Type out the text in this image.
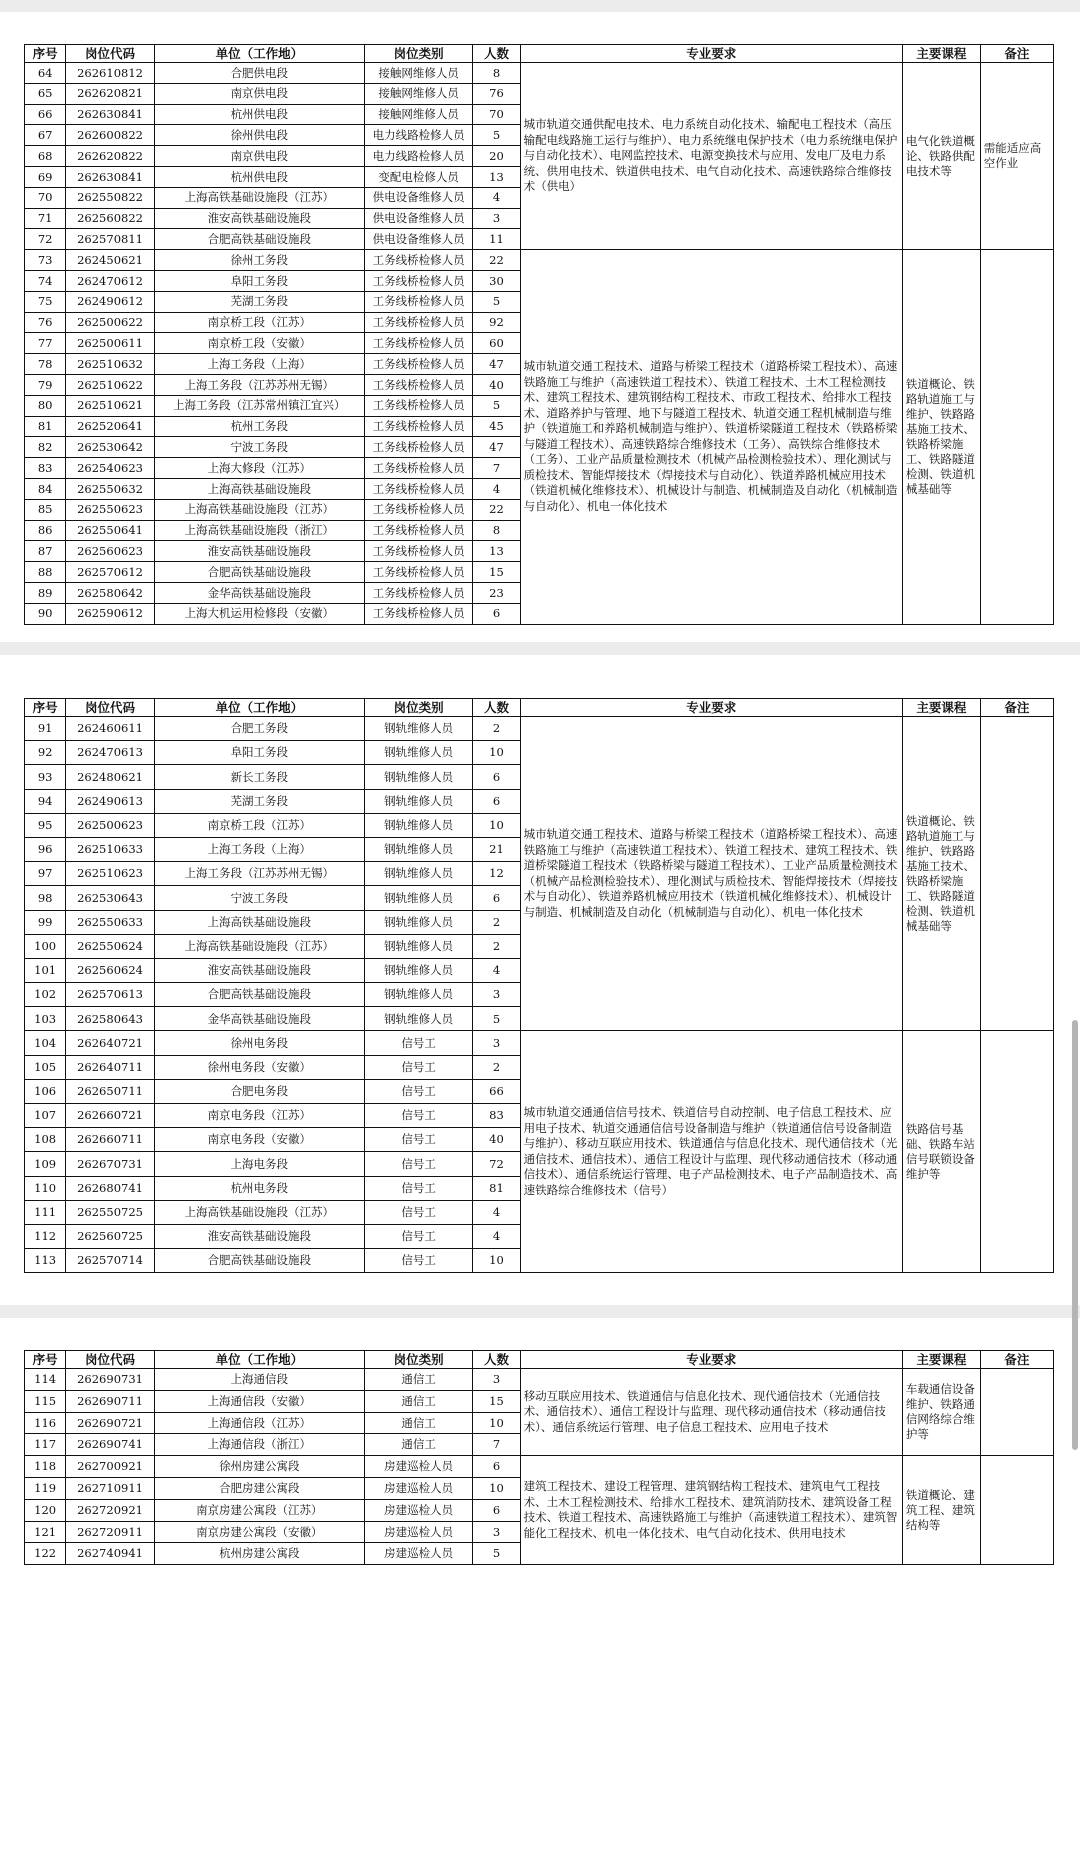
序号	岗位代码	单位（工作地）	岗位类别	人数	专业要求	主要课程	备注
64	262610812	合肥供电段	接触网维修人员	8	城市轨道交通供配电技术、电力系统自动化技术、输配电工程技术（高压输配电线路施工运行与维护）、电力系统继电保护技术（电力系统继电保护与自动化技术）、电网监控技术、电源变换技术与应用、发电厂及电力系统、供用电技术、铁道供电技术、电气自动化技术、高速铁路综合维修技术（供电）	电气化铁道概论、铁路供配电技术等	需能适应高空作业
65	262620821	南京供电段	接触网维修人员	76			
66	262630841	杭州供电段	接触网维修人员	70			
67	262600822	徐州供电段	电力线路检修人员	5			
68	262620822	南京供电段	电力线路检修人员	20			
69	262630841	杭州供电段	变配电检修人员	13			
70	262550822	上海高铁基础设施段（江苏）	供电设备维修人员	4			
71	262560822	淮安高铁基础设施段	供电设备维修人员	3			
72	262570811	合肥高铁基础设施段	供电设备维修人员	11			
73	262450621	徐州工务段	工务线桥检修人员	22	城市轨道交通工程技术、道路与桥梁工程技术（道路桥梁工程技术）、高速铁路施工与维护（高速铁道工程技术）、铁道工程技术、土木工程检测技术、建筑工程技术、建筑钢结构工程技术、市政工程技术、给排水工程技术、道路养护与管理、地下与隧道工程技术、轨道交通工程机械制造与维护（铁道施工和养路机械制造与维护）、铁道桥梁隧道工程技术（铁路桥梁与隧道工程技术）、高速铁路综合维修技术（工务）、高铁综合维修技术（工务）、工业产品质量检测技术（机械产品检测检验技术）、理化测试与质检技术、智能焊接技术（焊接技术与自动化）、铁道养路机械应用技术（铁道机械化维修技术）、机械设计与制造、机械制造及自动化（机械制造与自动化）、机电一体化技术	铁道概论、铁路轨道施工与维护、铁路路基施工技术、铁路桥梁施工、铁路隧道检测、铁道机械基础等	
74	262470612	阜阳工务段	工务线桥检修人员	30			
75	262490612	芜湖工务段	工务线桥检修人员	5			
76	262500622	南京桥工段（江苏）	工务线桥检修人员	92			
77	262500611	南京桥工段（安徽）	工务线桥检修人员	60			
78	262510632	上海工务段（上海）	工务线桥检修人员	47			
79	262510622	上海工务段（江苏苏州无锡）	工务线桥检修人员	40			
80	262510621	上海工务段（江苏常州镇江宜兴）	工务线桥检修人员	5			
81	262520641	杭州工务段	工务线桥检修人员	45			
82	262530642	宁波工务段	工务线桥检修人员	47			
83	262540623	上海大修段（江苏）	工务线桥检修人员	7			
84	262550632	上海高铁基础设施段	工务线桥检修人员	4			
85	262550623	上海高铁基础设施段（江苏）	工务线桥检修人员	22			
86	262550641	上海高铁基础设施段（浙江）	工务线桥检修人员	8			
87	262560623	淮安高铁基础设施段	工务线桥检修人员	13			
88	262570612	合肥高铁基础设施段	工务线桥检修人员	15			
89	262580642	金华高铁基础设施段	工务线桥检修人员	23			
90	262590612	上海大机运用检修段（安徽）	工务线桥检修人员	6			
序号	岗位代码	单位（工作地）	岗位类别	人数	专业要求	主要课程	备注
91	262460611	合肥工务段	钢轨维修人员	2	城市轨道交通工程技术、道路与桥梁工程技术（道路桥梁工程技术）、高速铁路施工与维护（高速铁道工程技术）、铁道工程技术、建筑工程技术、铁道桥梁隧道工程技术（铁路桥梁与隧道工程技术）、工业产品质量检测技术（机械产品检测检验技术）、理化测试与质检技术、智能焊接技术（焊接技术与自动化）、铁道养路机械应用技术（铁道机械化维修技术）、机械设计与制造、机械制造及自动化（机械制造与自动化）、机电一体化技术	铁道概论、铁路轨道施工与维护、铁路路基施工技术、铁路桥梁施工、铁路隧道检测、铁道机械基础等	
92	262470613	阜阳工务段	钢轨维修人员	10			
93	262480621	新长工务段	钢轨维修人员	6			
94	262490613	芜湖工务段	钢轨维修人员	6			
95	262500623	南京桥工段（江苏）	钢轨维修人员	10			
96	262510633	上海工务段（上海）	钢轨维修人员	21			
97	262510623	上海工务段（江苏苏州无锡）	钢轨维修人员	12			
98	262530643	宁波工务段	钢轨维修人员	6			
99	262550633	上海高铁基础设施段	钢轨维修人员	2			
100	262550624	上海高铁基础设施段（江苏）	钢轨维修人员	2			
101	262560624	淮安高铁基础设施段	钢轨维修人员	4			
102	262570613	合肥高铁基础设施段	钢轨维修人员	3			
103	262580643	金华高铁基础设施段	钢轨维修人员	5			
104	262640721	徐州电务段	信号工	3	城市轨道交通通信信号技术、铁道信号自动控制、电子信息工程技术、应用电子技术、轨道交通通信信号设备制造与维护（铁道通信信号设备制造与维护）、移动互联应用技术、铁道通信与信息化技术、现代通信技术（光通信技术、通信技术）、通信工程设计与监理、现代移动通信技术（移动通信技术）、通信系统运行管理、电子产品检测技术、电子产品制造技术、高速铁路综合维修技术（信号）	铁路信号基础、铁路车站信号联锁设备维护等	
105	262640711	徐州电务段（安徽）	信号工	2			
106	262650711	合肥电务段	信号工	66			
107	262660721	南京电务段（江苏）	信号工	83			
108	262660711	南京电务段（安徽）	信号工	40			
109	262670731	上海电务段	信号工	72			
110	262680741	杭州电务段	信号工	81			
111	262550725	上海高铁基础设施段（江苏）	信号工	4			
112	262560725	淮安高铁基础设施段	信号工	4			
113	262570714	合肥高铁基础设施段	信号工	10			
序号	岗位代码	单位（工作地）	岗位类别	人数	专业要求	主要课程	备注
114	262690731	上海通信段	通信工	3	移动互联应用技术、铁道通信与信息化技术、现代通信技术（光通信技术、通信技术）、通信工程设计与监理、现代移动通信技术（移动通信技术）、通信系统运行管理、电子信息工程技术、应用电子技术	车载通信设备维护、铁路通信网络综合维护等	
115	262690711	上海通信段（安徽）	通信工	15			
116	262690721	上海通信段（江苏）	通信工	10			
117	262690741	上海通信段（浙江）	通信工	7			
118	262700921	徐州房建公寓段	房建巡检人员	6	建筑工程技术、建设工程管理、建筑钢结构工程技术、建筑电气工程技术、土木工程检测技术、给排水工程技术、建筑消防技术、建筑设备工程技术、铁道工程技术、高速铁路施工与维护（高速铁道工程技术）、建筑智能化工程技术、机电一体化技术、电气自动化技术、供用电技术	铁道概论、建筑工程、建筑结构等	
119	262710911	合肥房建公寓段	房建巡检人员	10			
120	262720921	南京房建公寓段（江苏）	房建巡检人员	6			
121	262720911	南京房建公寓段（安徽）	房建巡检人员	3			
122	262740941	杭州房建公寓段	房建巡检人员	5			
